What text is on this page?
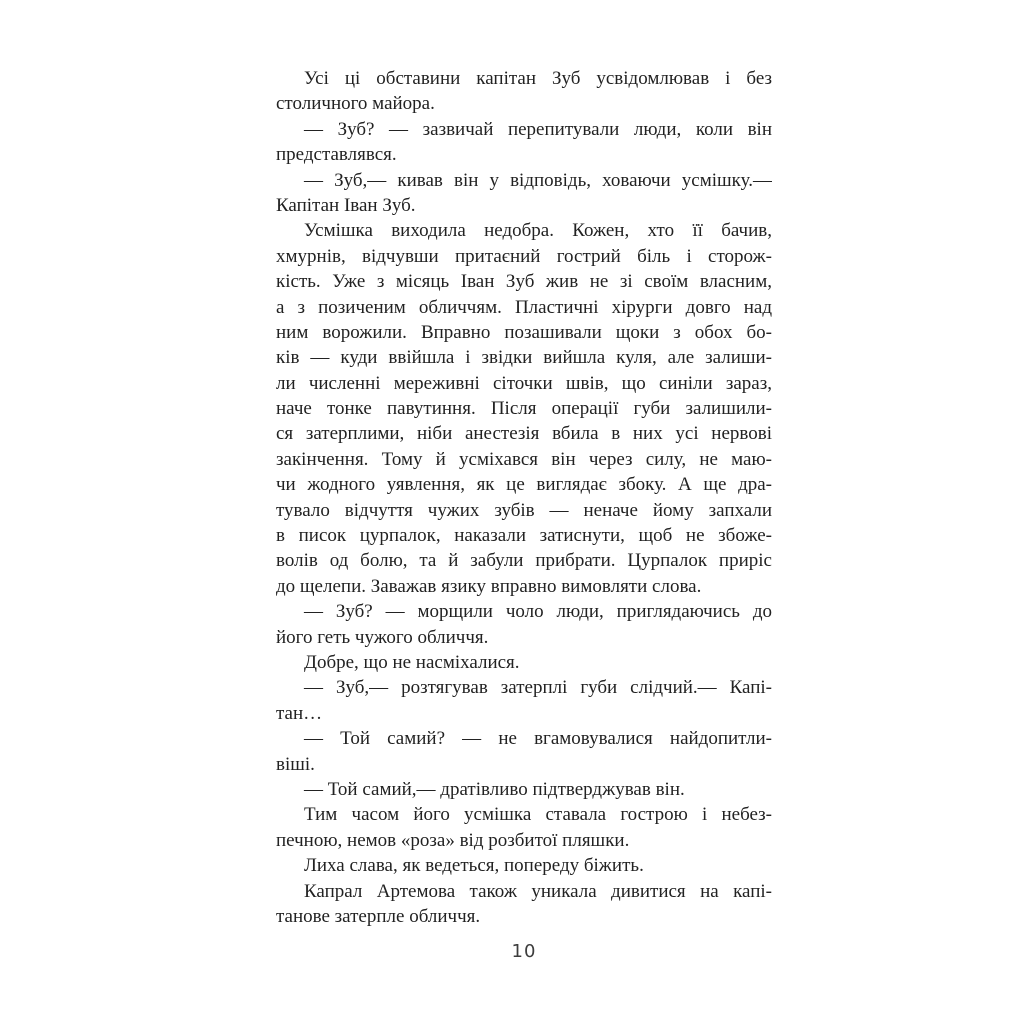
Усі ці обставини капітан Зуб усвідомлював і без
столичного майора.
— Зуб? — зазвичай перепитували люди, коли він
представлявся.
— Зуб,— кивав він у відповідь, ховаючи усмішку.—
Капітан Іван Зуб.
Усмішка виходила недобра. Кожен, хто її бачив,
хмурнів, відчувши притаєний гострий біль і сторож-
кість. Уже з місяць Іван Зуб жив не зі своїм власним,
а з позиченим обличчям. Пластичні хірурги довго над
ним ворожили. Вправно позашивали щоки з обох бо-
ків — куди ввійшла і звідки вийшла куля, але залиши-
ли численні мереживні сіточки швів, що синіли зараз,
наче тонке павутиння. Після операції губи залишили-
ся затерплими, ніби анестезія вбила в них усі нервові
закінчення. Тому й усміхався він через силу, не маю-
чи жодного уявлення, як це виглядає збоку. А ще дра-
тувало відчуття чужих зубів — неначе йому запхали
в писок цурпалок, наказали затиснути, щоб не збоже-
волів од болю, та й забули прибрати. Цурпалок приріс
до щелепи. Заважав язику вправно вимовляти слова.
— Зуб? — морщили чоло люди, приглядаючись до
його геть чужого обличчя.
Добре, що не насміхалися.
— Зуб,— розтягував затерплі губи слідчий.— Капі-
тан…
— Той самий? — не вгамовувалися найдопитли-
віші.
— Той самий,— дратівливо підтверджував він.
Тим часом його усмішка ставала гострою і небез-
печною, немов «роза» від розбитої пляшки.
Лиха слава, як ведеться, попереду біжить.
Капрал Артемова також уникала дивитися на капі-
танове затерпле обличчя.
10
